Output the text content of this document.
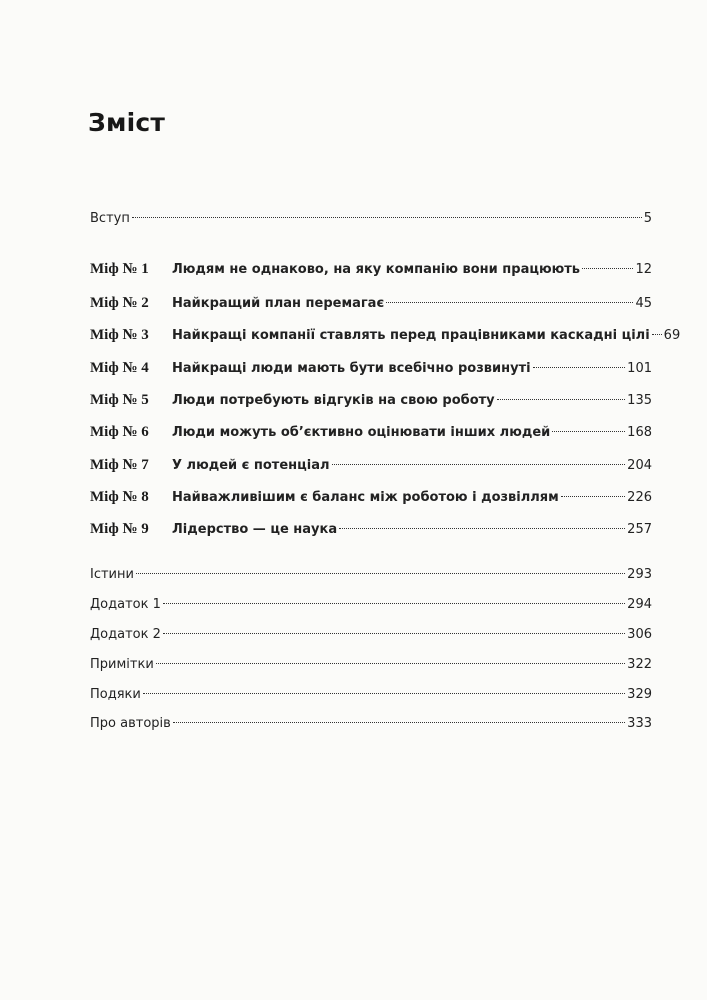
Зміст
Вступ	5
Міф № 1	Людям не однаково, на яку компанію вони працюють	12
Міф № 2	Найкращий план перемагає	45
Міф № 3	Найкращі компанії ставлять перед працівниками каскадні цілі 69
Міф № 4	Найкращі люди мають бути всебічно розвинуті	101
Міф № 5	Люди потребують відгуків на свою роботу	135
Міф № 6	Люди можуть об’єктивно оцінювати інших людей	168
Міф № 7	У людей є потенціал	204
Міф № 8	Найважливішим є баланс між роботою і дозвіллям	226
Міф № 9	Лідерство — це наука	257
Істини	293
Додаток 1	294
Додаток 2	306
Примітки	322
Подяки	329
Про авторів	333
